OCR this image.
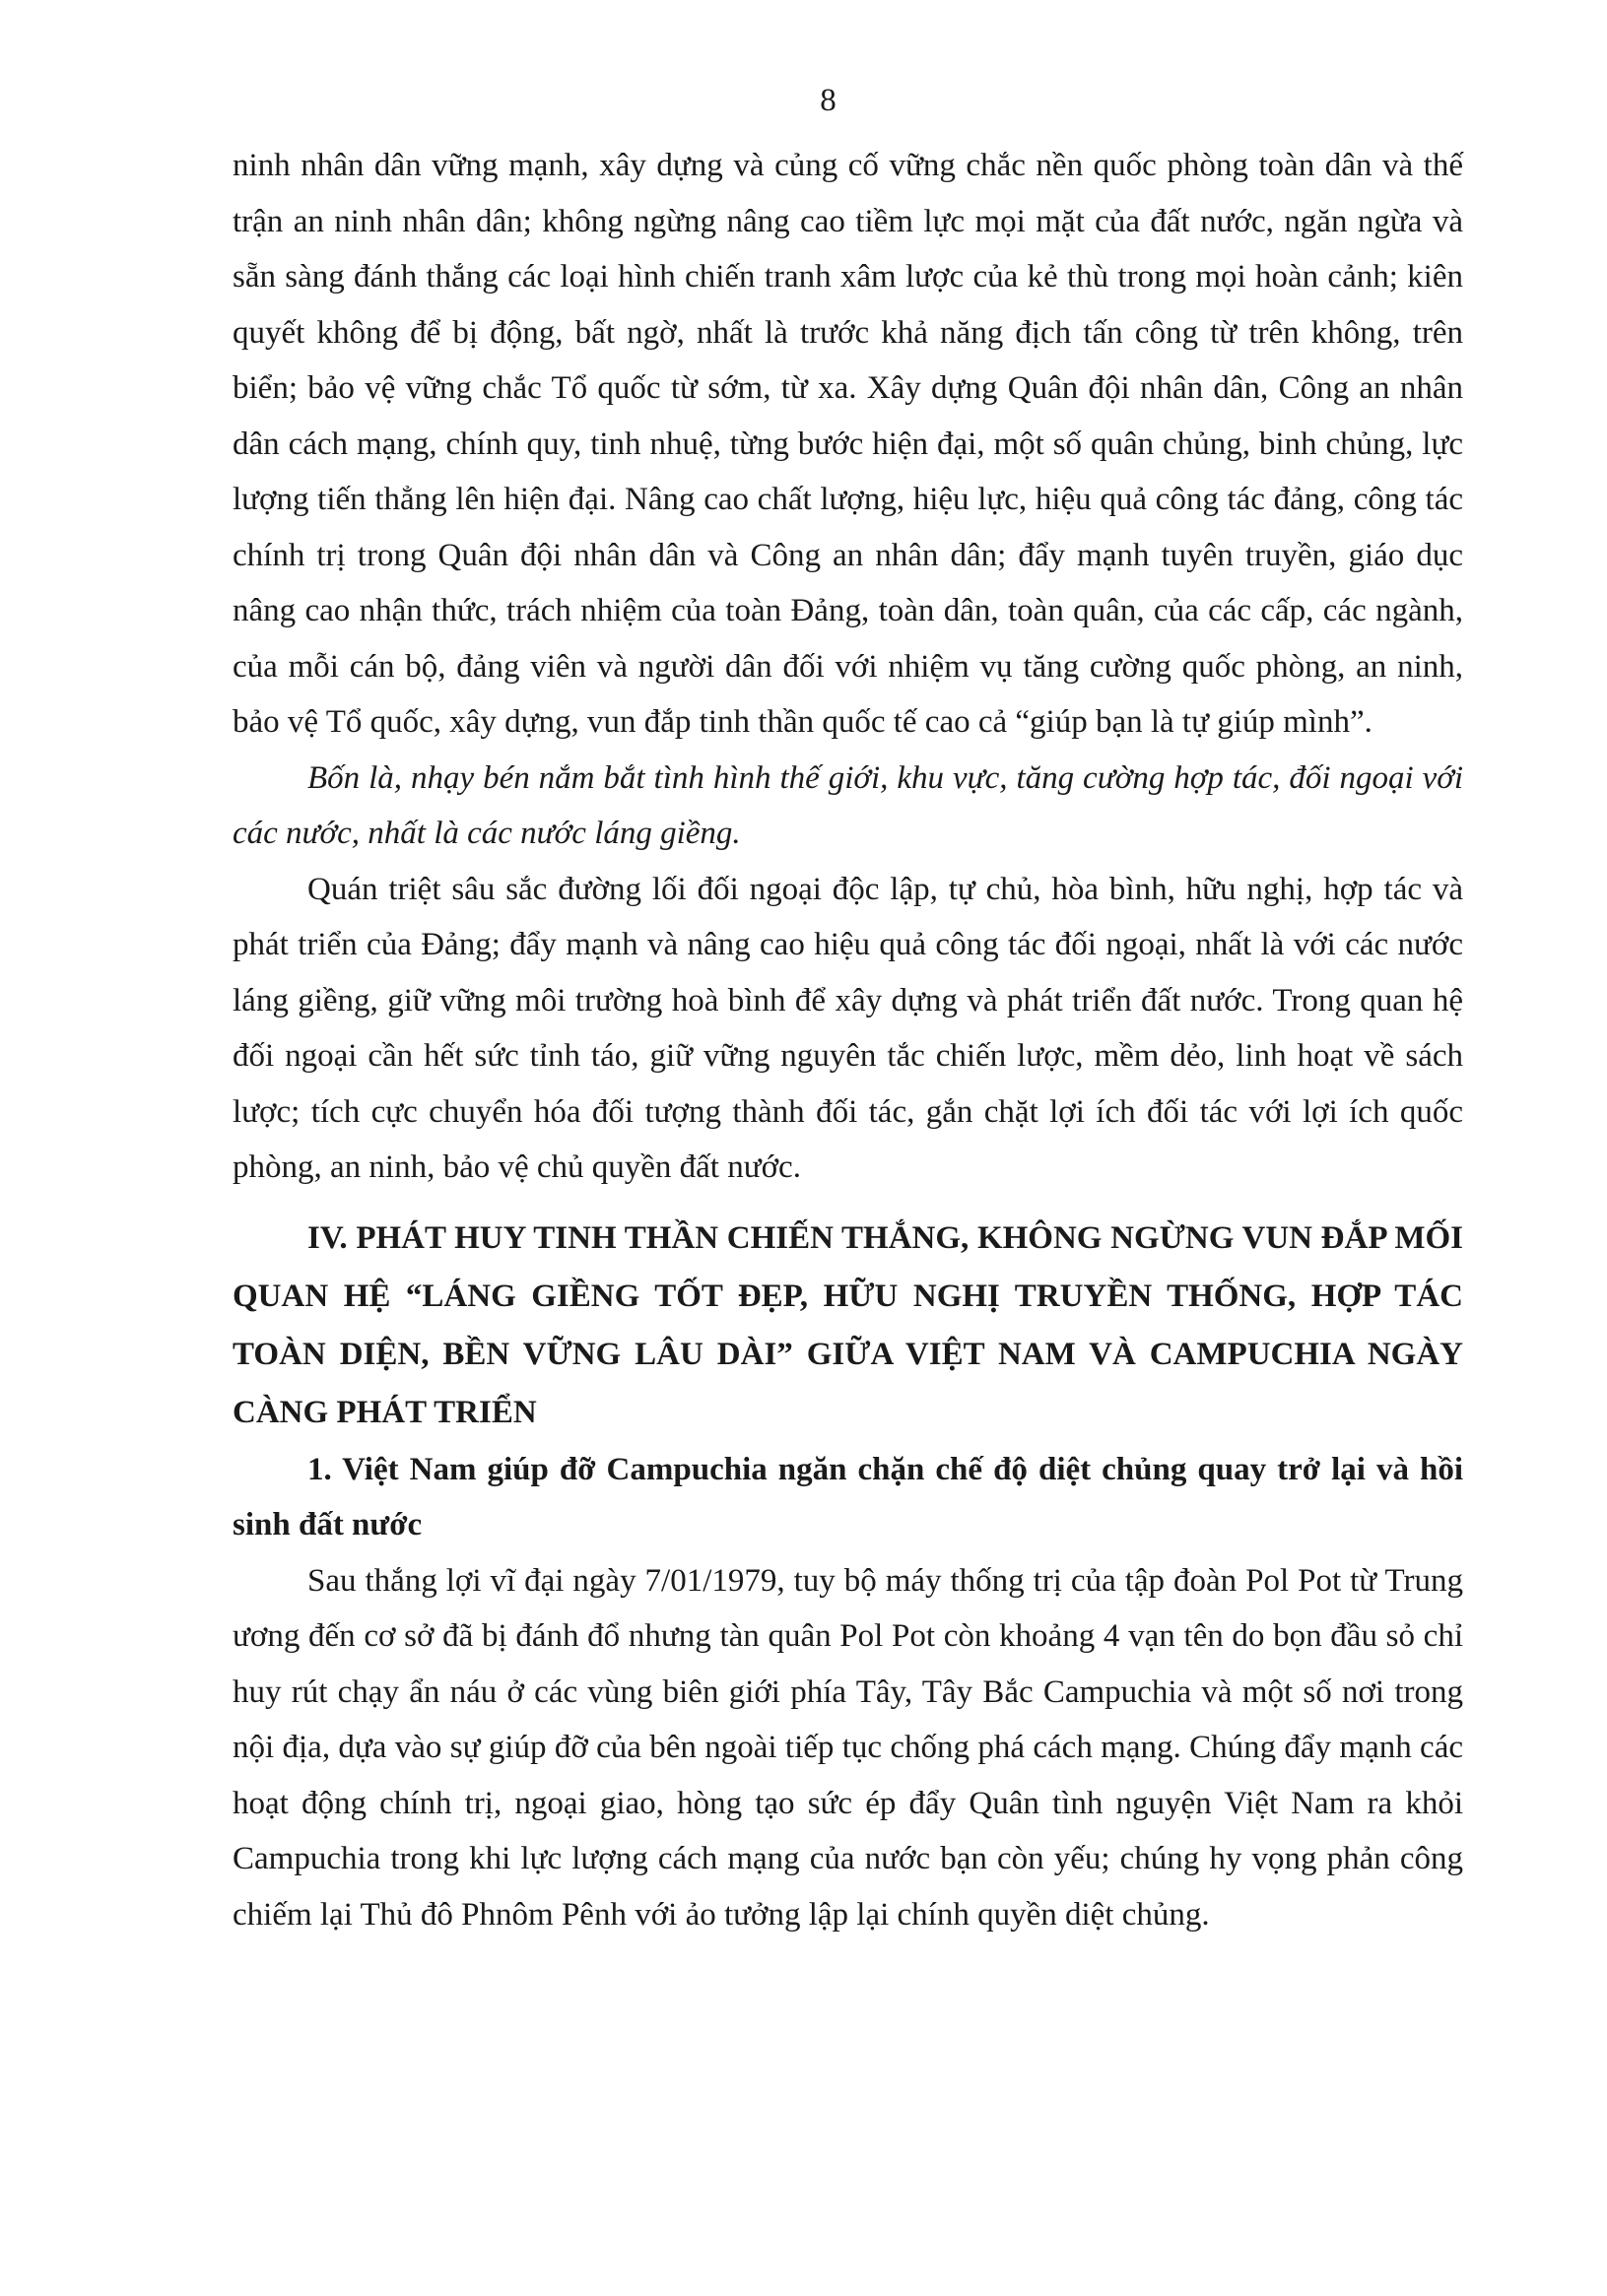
8

ninh nhân dân vững mạnh, xây dựng và củng cố vững chắc nền quốc phòng toàn dân và thế trận an ninh nhân dân; không ngừng nâng cao tiềm lực mọi mặt của đất nước, ngăn ngừa và sẵn sàng đánh thắng các loại hình chiến tranh xâm lược của kẻ thù trong mọi hoàn cảnh; kiên quyết không để bị động, bất ngờ, nhất là trước khả năng địch tấn công từ trên không, trên biển; bảo vệ vững chắc Tổ quốc từ sớm, từ xa. Xây dựng Quân đội nhân dân, Công an nhân dân cách mạng, chính quy, tinh nhuệ, từng bước hiện đại, một số quân chủng, binh chủng, lực lượng tiến thẳng lên hiện đại. Nâng cao chất lượng, hiệu lực, hiệu quả công tác đảng, công tác chính trị trong Quân đội nhân dân và Công an nhân dân; đẩy mạnh tuyên truyền, giáo dục nâng cao nhận thức, trách nhiệm của toàn Đảng, toàn dân, toàn quân, của các cấp, các ngành, của mỗi cán bộ, đảng viên và người dân đối với nhiệm vụ tăng cường quốc phòng, an ninh, bảo vệ Tổ quốc, xây dựng, vun đắp tinh thần quốc tế cao cả “giúp bạn là tự giúp mình”.

Bốn là, nhạy bén nắm bắt tình hình thế giới, khu vực, tăng cường hợp tác, đối ngoại với các nước, nhất là các nước láng giềng.

Quán triệt sâu sắc đường lối đối ngoại độc lập, tự chủ, hòa bình, hữu nghị, hợp tác và phát triển của Đảng; đẩy mạnh và nâng cao hiệu quả công tác đối ngoại, nhất là với các nước láng giềng, giữ vững môi trường hoà bình để xây dựng và phát triển đất nước. Trong quan hệ đối ngoại cần hết sức tỉnh táo, giữ vững nguyên tắc chiến lược, mềm dẻo, linh hoạt về sách lược; tích cực chuyển hóa đối tượng thành đối tác, gắn chặt lợi ích đối tác với lợi ích quốc phòng, an ninh, bảo vệ chủ quyền đất nước.

IV. PHÁT HUY TINH THẦN CHIẾN THẮNG, KHÔNG NGỪNG VUN ĐẮP MỐI QUAN HỆ “LÁNG GIỀNG TỐT ĐẸP, HỮU NGHỊ TRUYỀN THỐNG, HỢP TÁC TOÀN DIỆN, BỀN VỮNG LÂU DÀI” GIỮA VIỆT NAM VÀ CAMPUCHIA NGÀY CÀNG PHÁT TRIỂN
1. Việt Nam giúp đỡ Campuchia ngăn chặn chế độ diệt chủng quay trở lại và hồi sinh đất nước

Sau thắng lợi vĩ đại ngày 7/01/1979, tuy bộ máy thống trị của tập đoàn Pol Pot từ Trung ương đến cơ sở đã bị đánh đổ nhưng tàn quân Pol Pot còn khoảng 4 vạn tên do bọn đầu sỏ chỉ huy rút chạy ẩn náu ở các vùng biên giới phía Tây, Tây Bắc Campuchia và một số nơi trong nội địa, dựa vào sự giúp đỡ của bên ngoài tiếp tục chống phá cách mạng. Chúng đẩy mạnh các hoạt động chính trị, ngoại giao, hòng tạo sức ép đẩy Quân tình nguyện Việt Nam ra khỏi Campuchia trong khi lực lượng cách mạng của nước bạn còn yếu; chúng hy vọng phản công chiếm lại Thủ đô Phnôm Pênh với ảo tưởng lập lại chính quyền diệt chủng.
